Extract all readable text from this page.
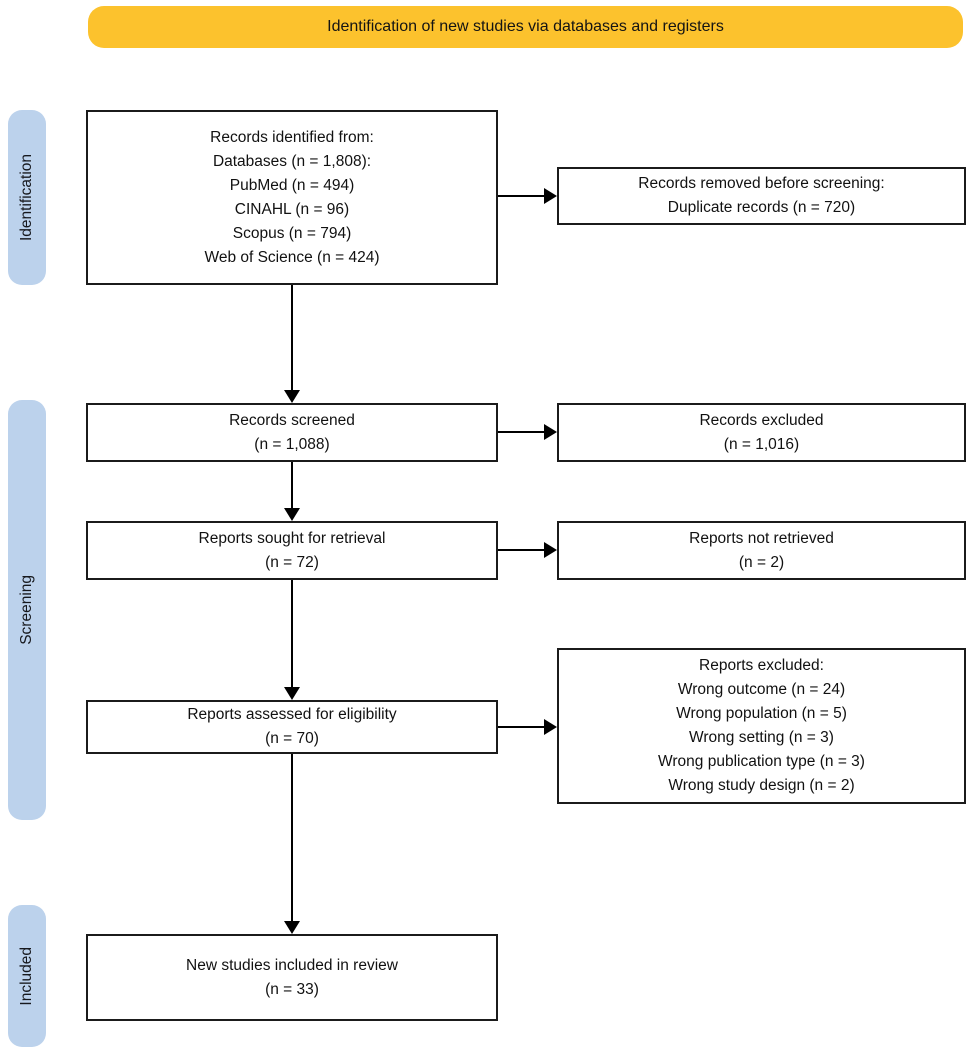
Identification of new studies via databases and registers
Identification
Screening
Included
Records identified from:
Databases (n = 1,808):
PubMed (n = 494)
CINAHL (n = 96)
Scopus (n = 794)
Web of Science (n = 424)
Records removed before screening:
Duplicate records (n = 720)
Records screened
(n = 1,088)
Records excluded
(n = 1,016)
Reports sought for retrieval
(n = 72)
Reports not retrieved
(n = 2)
Reports assessed for eligibility
(n = 70)
Reports excluded:
Wrong outcome (n = 24)
Wrong population (n = 5)
Wrong setting (n = 3)
Wrong publication type (n = 3)
Wrong study design (n = 2)
New studies included in review
(n = 33)
